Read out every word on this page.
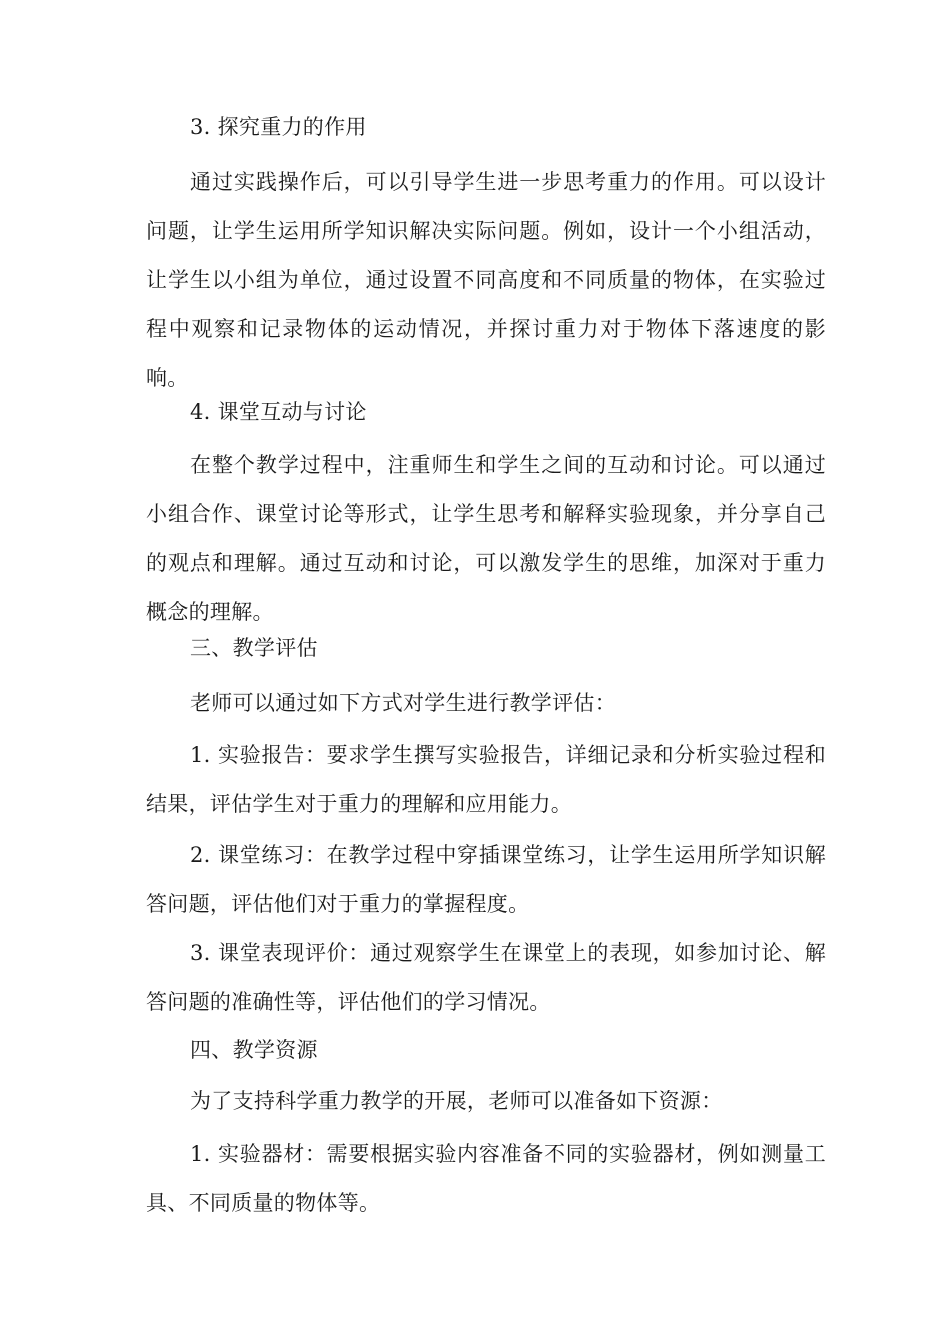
3. 探究重力的作用

通过实践操作后，可以引导学生进一步思考重力的作用。可以设计问题，让学生运用所学知识解决实际问题。例如，设计一个小组活动，让学生以小组为单位，通过设置不同高度和不同质量的物体，在实验过程中观察和记录物体的运动情况，并探讨重力对于物体下落速度的影响。

4. 课堂互动与讨论

在整个教学过程中，注重师生和学生之间的互动和讨论。可以通过小组合作、课堂讨论等形式，让学生思考和解释实验现象，并分享自己的观点和理解。通过互动和讨论，可以激发学生的思维，加深对于重力概念的理解。

三、教学评估

老师可以通过如下方式对学生进行教学评估：

1. 实验报告：要求学生撰写实验报告，详细记录和分析实验过程和结果，评估学生对于重力的理解和应用能力。

2. 课堂练习：在教学过程中穿插课堂练习，让学生运用所学知识解答问题，评估他们对于重力的掌握程度。

3. 课堂表现评价：通过观察学生在课堂上的表现，如参加讨论、解答问题的准确性等，评估他们的学习情况。

四、教学资源

为了支持科学重力教学的开展，老师可以准备如下资源：

1. 实验器材：需要根据实验内容准备不同的实验器材，例如测量工具、不同质量的物体等。
